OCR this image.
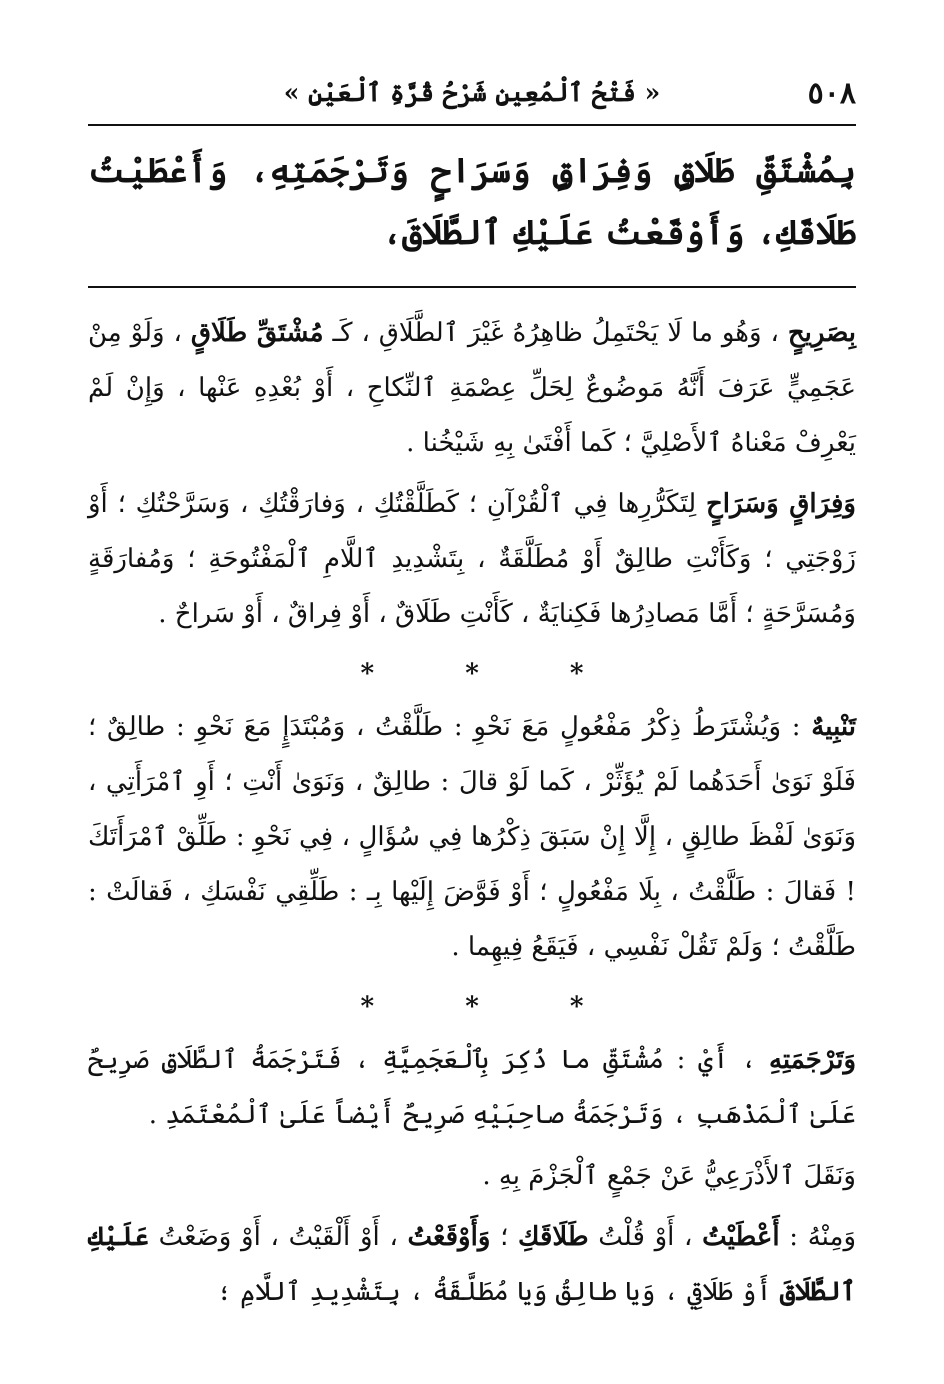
٥٠٨
« فَتْحُ ٱلْمُعِينِ شَرْحُ قُرَّةِ ٱلْعَيْنِ »
بِمُشْتَقِّ طَلَاقٍ وَفِرَاقٍ وَسَرَاحٍ وَتَرْجَمَتِهِ، وَأَعْطَيْتُ طَلَاقَكِ، وَأَوْقَعْتُ عَلَيْكِ ٱلطَّلَاقَ،

بِصَرِيحٍ ، وَهُو ما لَا يَحْتَمِلُ ظاهِرُهُ غَيْرَ ٱلطَّلَاقِ ، كَـ مُشْتَقِّ طَلَاقٍ ، وَلَوْ مِنْ عَجَمِيٍّ عَرَفَ أَنَّهُ مَوضُوعٌ لِحَلِّ عِصْمَةِ ٱلنِّكاحِ ، أَوْ بُعْدِهِ عَنْها ، وَإِنْ لَمْ يَعْرِفْ مَعْناهُ ٱلأَصْلِيَّ ؛ كَما أَفْتَىٰ بِهِ شَيْخُنا .

وَفِرَاقٍ وَسَرَاحٍ لِتَكَرُّرِها فِي ٱلْقُرْآنِ ؛ كَطَلَّقْتُكِ ، وَفارَقْتُكِ ، وَسَرَّحْتُكِ ؛ أَوْ زَوْجَتِي ؛ وَكَأَنْتِ طالِقٌ أَوْ مُطَلَّقَةٌ ، بِتَشْدِيدِ ٱللَّامِ ٱلْمَفْتُوحَةِ ؛ وَمُفارَقَةٍ وَمُسَرَّحَةٍ ؛ أَمَّا مَصادِرُها فَكِنايَةٌ ، كَأَنْتِ طَلَاقٌ ، أَوْ فِراقٌ ، أَوْ سَراحٌ .

* * *

تَنْبِيهٌ : وَيُشْتَرَطُ ذِكْرُ مَفْعُولٍ مَعَ نَحْوِ : طَلَّقْتُ ، وَمُبْتَدَإٍ مَعَ نَحْوِ : طالِقٌ ؛ فَلَوْ نَوَىٰ أَحَدَهُما لَمْ يُؤَثِّرْ ، كَما لَوْ قالَ : طالِقٌ ، وَنَوَىٰ أَنْتِ ؛ أَوِ ٱمْرَأَتِي ، وَنَوَىٰ لَفْظَ طالِقٍ ، إِلَّا إِنْ سَبَقَ ذِكْرُها فِي سُؤَالٍ ، فِي نَحْوِ : طَلِّقْ ٱمْرَأَتَكَ ! فَقالَ : طَلَّقْتُ ، بِلَا مَفْعُولٍ ؛ أَوْ فَوَّضَ إِلَيْها بِـ : طَلِّقِي نَفْسَكِ ، فَقالَتْ : طَلَّقْتُ ؛ وَلَمْ تَقُلْ نَفْسِي ، فَيَقَعُ فِيهِما .

* * *

وَتَرْجَمَتِهِ ، أَيْ : مُشْتَقِّ ما ذُكِرَ بِٱلْعَجَمِيَّةِ ، فَتَرْجَمَةُ ٱلطَّلَاقِ صَرِيحٌ عَلَىٰ ٱلْمَذْهَبِ ، وَتَرْجَمَةُ صاحِبَيْهِ صَرِيحٌ أَيْضاً عَلَىٰ ٱلْمُعْتَمَدِ .

وَنَقَلَ ٱلأَذْرَعِيُّ عَنْ جَمْعٍ ٱلْجَزْمَ بِهِ .

وَمِنْهُ : أَعْطَيْتُ ، أَوْ قُلْتُ طَلَاقَكِ ؛ وَأَوْقَعْتُ ، أَوْ أَلْقَيْتُ ، أَوْ وَضَعْتُ عَلَيْكِ ٱلطَّلَاقَ أَوْ طَلَاقِي ، وَيا طالِقُ وَيا مُطَلَّقَةُ ، بِتَشْدِيدِ ٱللَّامِ ؛
